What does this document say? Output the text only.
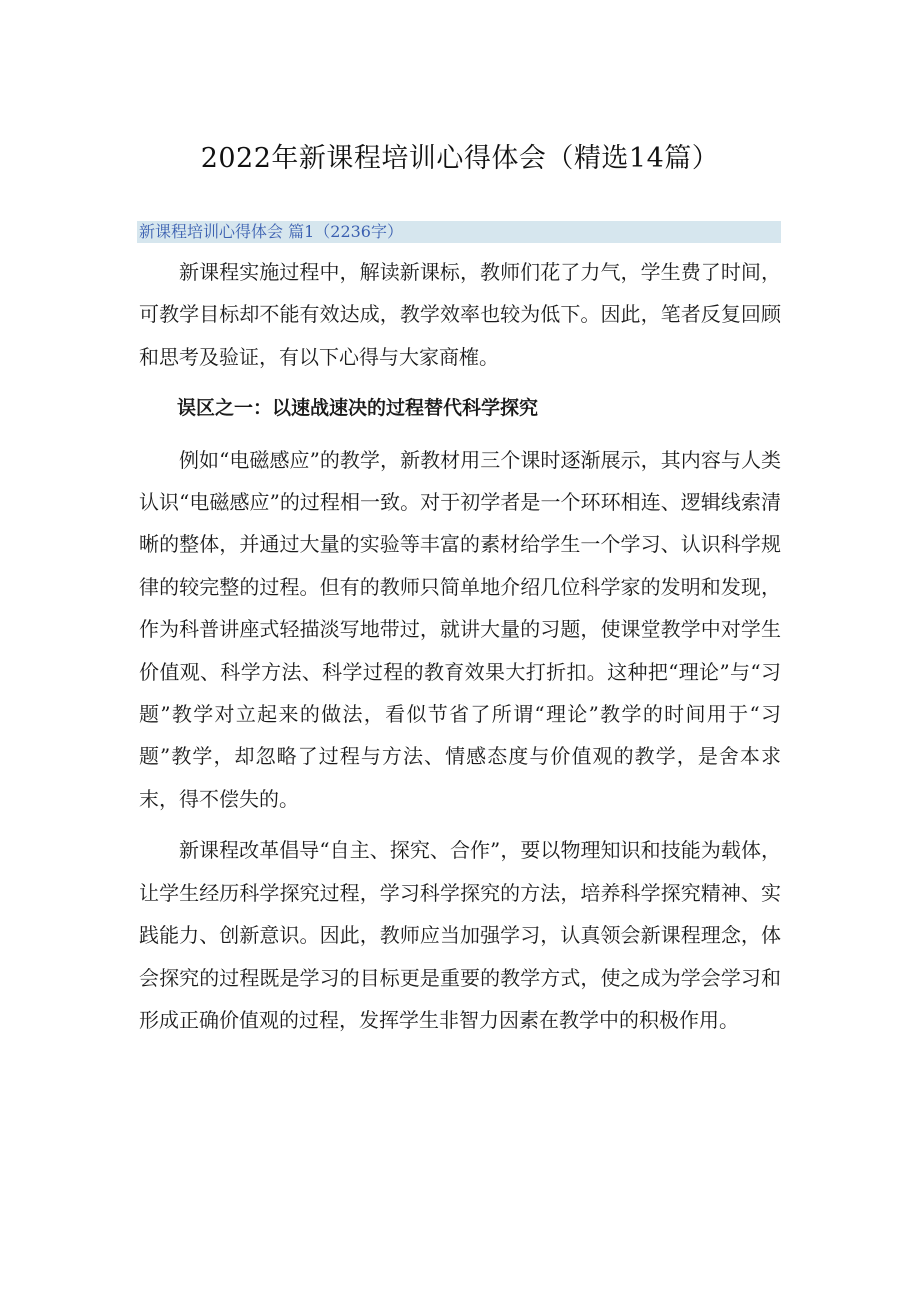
2022年新课程培训心得体会（精选14篇）
新课程培训心得体会 篇1（2236字）

新课程实施过程中，解读新课标，教师们花了力气，学生费了时间，可教学目标却不能有效达成，教学效率也较为低下。因此，笔者反复回顾和思考及验证，有以下心得与大家商榷。

误区之一：以速战速决的过程替代科学探究

例如“电磁感应”的教学，新教材用三个课时逐渐展示，其内容与人类认识“电磁感应”的过程相一致。对于初学者是一个环环相连、逻辑线索清晰的整体，并通过大量的实验等丰富的素材给学生一个学习、认识科学规律的较完整的过程。但有的教师只简单地介绍几位科学家的发明和发现，作为科普讲座式轻描淡写地带过，就讲大量的习题，使课堂教学中对学生价值观、科学方法、科学过程的教育效果大打折扣。这种把“理论”与“习题”教学对立起来的做法，看似节省了所谓“理论”教学的时间用于“习题”教学，却忽略了过程与方法、情感态度与价值观的教学，是舍本求末，得不偿失的。

新课程改革倡导“自主、探究、合作”，要以物理知识和技能为载体，让学生经历科学探究过程，学习科学探究的方法，培养科学探究精神、实践能力、创新意识。因此，教师应当加强学习，认真领会新课程理念，体会探究的过程既是学习的目标更是重要的教学方式，使之成为学会学习和形成正确价值观的过程，发挥学生非智力因素在教学中的积极作用。
